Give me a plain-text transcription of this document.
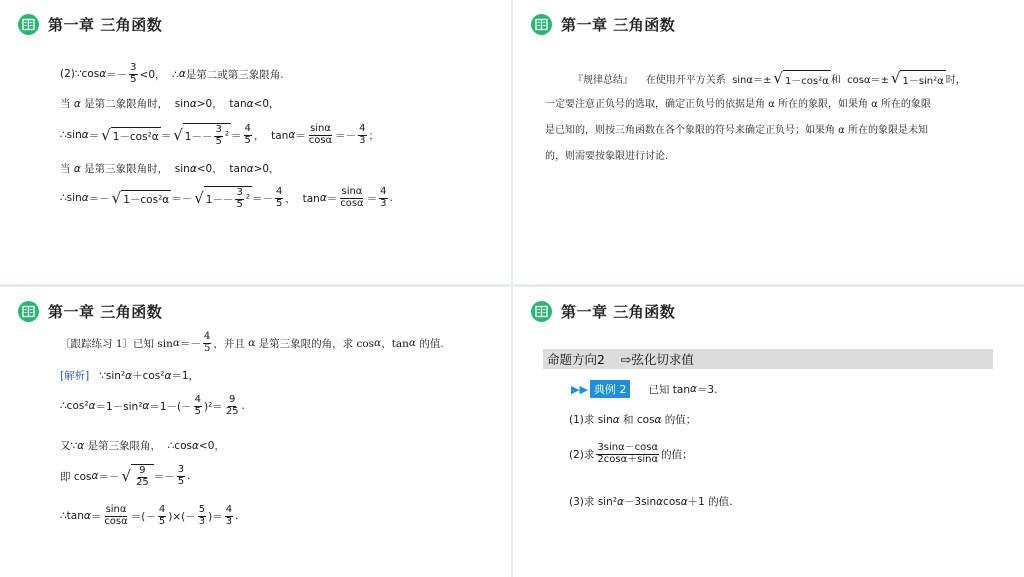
第一章 三角函数
(2)∵cos $\alpha =- \frac{3}{5} <0$，  ∴ α 是第二或第三象限角.
当 α 是第二象限角时，  sin α >0，  tan α <0，
∴sin α ＝ √ 1－cos²α ＝ √ $1-- \frac{3}{5} ^2 = \frac{4}{5}$ ，  $\tan \alpha = \frac{\sin\alpha}{\cos\alpha} =- \frac{4}{3}$ ；
当 α 是第三象限角时，  sin α <0，  tan α >0，
∴sin α ＝－ √ 1－cos²α ＝－ √ $1-- \frac{3}{5} ^2 =- \frac{4}{5}$ ，  $\tan \alpha = \frac{\sin\alpha}{\cos\alpha} = \frac{4}{3}$ .
第一章 三角函数
『规律总结』    在使用开平方关系  sinα＝± √ 1－cos²α 和  cosα＝± √ 1－sin²α 时，
一定要注意正负号的选取，确定正负号的依据是角 α 所在的象限，如果角 α 所在的象限
是已知的，则按三角函数在各个象限的符号来确定正负号；如果角 α 所在的象限是未知
的，则需要按象限进行讨论.
第一章 三角函数
〔跟踪练习 1〕已知 $\sin \alpha =- \frac{4}{5}$ ，并且 α 是第三象限的角，求 cos α 、tan α 的值.
[解析] ∵sin² α ＋cos² α ＝1，
∴cos² α ＝1－sin² $\alpha =1-(- \frac{4}{5} )^2= \frac{9}{25}$ .
又∵ α 是第三象限角，  ∴cos α <0，
即 cos α ＝－ √ $\frac{9}{25} =- \frac{3}{5}$ .
∴tan $\alpha = \frac{\sin\alpha}{\cos\alpha}$ ＝(－ $\frac{4}{5}$ )×(－ $\frac{5}{3}$ )＝ $\frac{4}{3}$ .
第一章 三角函数
命题方向2    ⇨弦化切求值
▶▶ 典例 2	已知 tan α ＝3.
(1)求 sin α 和 cos α 的值；
(2)求 $\frac{3\sin\alpha-\cos\alpha}{2\cos\alpha+\sin\alpha}$ 的值；
(3)求 sin² α －3sin α cos α ＋1 的值.
